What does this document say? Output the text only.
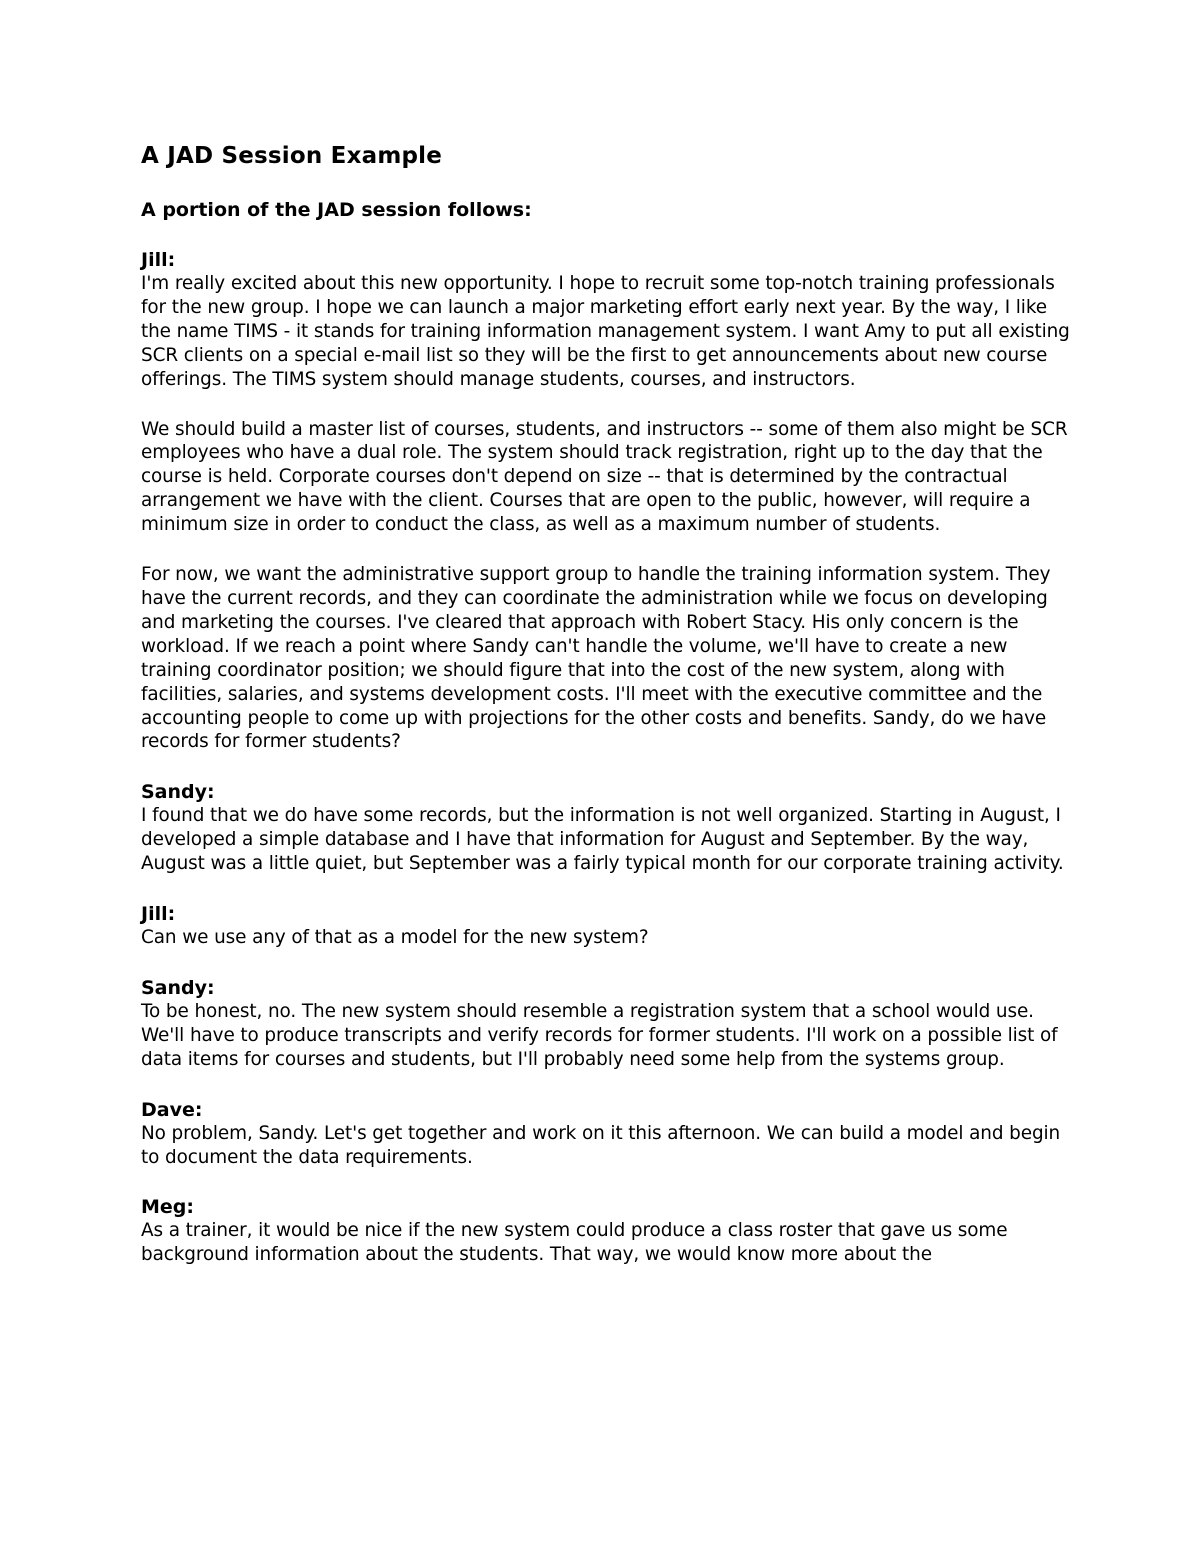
A JAD Session Example

A portion of the JAD session follows:

Jill:

I'm really excited about this new opportunity. I hope to recruit some top-notch training professionals for the new group. I hope we can launch a major marketing effort early next year. By the way, I like the name TIMS - it stands for training information management system. I want Amy to put all existing SCR clients on a special e-mail list so they will be the first to get announcements about new course offerings. The TIMS system should manage students, courses, and instructors.

We should build a master list of courses, students, and instructors -- some of them also might be SCR employees who have a dual role. The system should track registration, right up to the day that the course is held. Corporate courses don't depend on size -- that is determined by the contractual arrangement we have with the client. Courses that are open to the public, however, will require a minimum size in order to conduct the class, as well as a maximum number of students.

For now, we want the administrative support group to handle the training information system. They have the current records, and they can coordinate the administration while we focus on developing and marketing the courses. I've cleared that approach with Robert Stacy. His only concern is the workload. If we reach a point where Sandy can't handle the volume, we'll have to create a new training coordinator position; we should figure that into the cost of the new system, along with facilities, salaries, and systems development costs. I'll meet with the executive committee and the accounting people to come up with projections for the other costs and benefits. Sandy, do we have records for former students?

Sandy:

I found that we do have some records, but the information is not well organized. Starting in August, I developed a simple database and I have that information for August and September. By the way, August was a little quiet, but September was a fairly typical month for our corporate training activity.

Jill:

Can we use any of that as a model for the new system?

Sandy:

To be honest, no. The new system should resemble a registration system that a school would use. We'll have to produce transcripts and verify records for former students. I'll work on a possible list of data items for courses and students, but I'll probably need some help from the systems group.

Dave:

No problem, Sandy. Let's get together and work on it this afternoon. We can build a model and begin to document the data requirements.

Meg:

As a trainer, it would be nice if the new system could produce a class roster that gave us some background information about the students. That way, we would know more about the
